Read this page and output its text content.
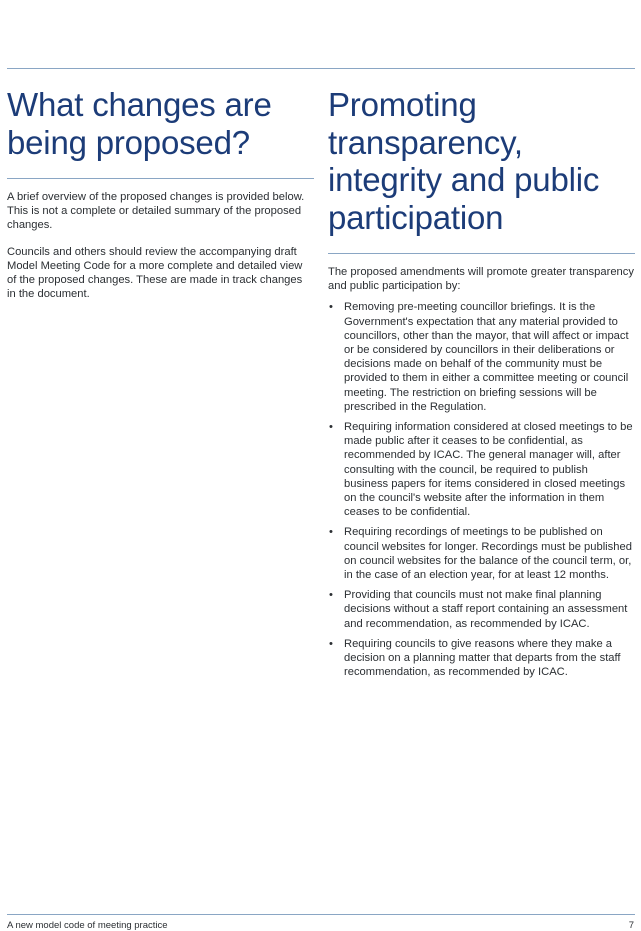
What changes are being proposed?

A brief overview of the proposed changes is provided below. This is not a complete or detailed summary of the proposed changes.

Councils and others should review the accompanying draft Model Meeting Code for a more complete and detailed view of the proposed changes. These are made in track changes in the document.

Promoting transparency, integrity and public participation

The proposed amendments will promote greater transparency and public participation by:

• Removing pre-meeting councillor briefings. It is the Government's expectation that any material provided to councillors, other than the mayor, that will affect or impact or be considered by councillors in their deliberations or decisions made on behalf of the community must be provided to them in either a committee meeting or council meeting. The restriction on briefing sessions will be prescribed in the Regulation.
• Requiring information considered at closed meetings to be made public after it ceases to be confidential, as recommended by ICAC. The general manager will, after consulting with the council, be required to publish business papers for items considered in closed meetings on the council's website after the information in them ceases to be confidential.
• Requiring recordings of meetings to be published on council websites for longer. Recordings must be published on council websites for the balance of the council term, or, in the case of an election year, for at least 12 months.
• Providing that councils must not make final planning decisions without a staff report containing an assessment and recommendation, as recommended by ICAC.
• Requiring councils to give reasons where they make a decision on a planning matter that departs from the staff recommendation, as recommended by ICAC.
A new model code of meeting practice	7
